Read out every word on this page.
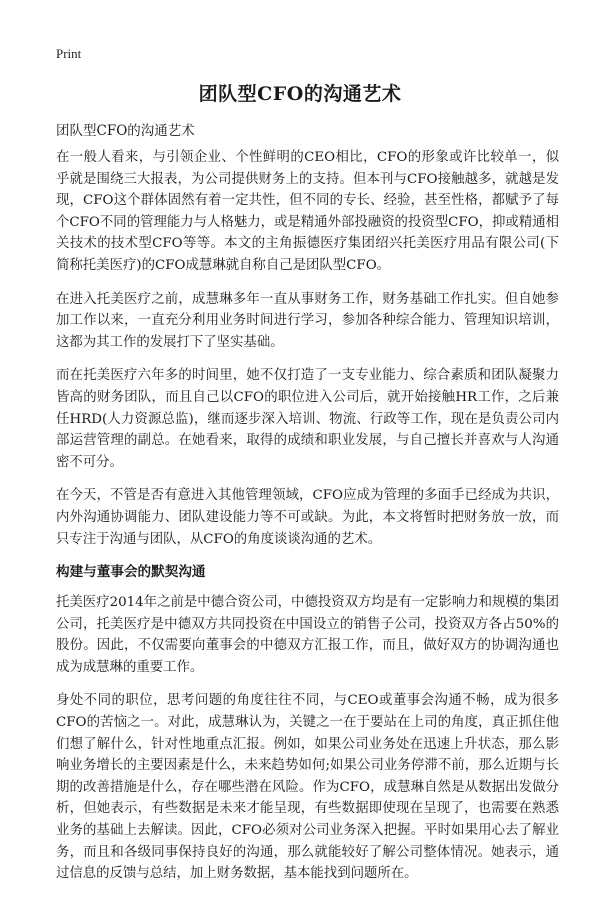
Print
团队型CFO的沟通艺术
团队型CFO的沟通艺术

在一般人看来，与引领企业、个性鲜明的CEO相比，CFO的形象或许比较单一，似乎就是围绕三大报表，为公司提供财务上的支持。但本刊与CFO接触越多，就越是发现，CFO这个群体固然有着一定共性，但不同的专长、经验，甚至性格，都赋予了每个CFO不同的管理能力与人格魅力，或是精通外部投融资的投资型CFO，抑或精通相关技术的技术型CFO等等。本文的主角振德医疗集团绍兴托美医疗用品有限公司(下简称托美医疗)的CFO成慧琳就自称自己是团队型CFO。

在进入托美医疗之前，成慧琳多年一直从事财务工作，财务基础工作扎实。但自她参加工作以来，一直充分利用业务时间进行学习，参加各种综合能力、管理知识培训，这都为其工作的发展打下了坚实基础。

而在托美医疗六年多的时间里，她不仅打造了一支专业能力、综合素质和团队凝聚力皆高的财务团队，而且自己以CFO的职位进入公司后，就开始接触HR工作，之后兼任HRD(人力资源总监)，继而逐步深入培训、物流、行政等工作，现在是负责公司内部运营管理的副总。在她看来，取得的成绩和职业发展，与自己擅长并喜欢与人沟通密不可分。

在今天，不管是否有意进入其他管理领域，CFO应成为管理的多面手已经成为共识，内外沟通协调能力、团队建设能力等不可或缺。为此，本文将暂时把财务放一放，而只专注于沟通与团队，从CFO的角度谈谈沟通的艺术。

构建与董事会的默契沟通

托美医疗2014年之前是中德合资公司，中德投资双方均是有一定影响力和规模的集团公司，托美医疗是中德双方共同投资在中国设立的销售子公司，投资双方各占50%的股份。因此，不仅需要向董事会的中德双方汇报工作，而且，做好双方的协调沟通也成为成慧琳的重要工作。

身处不同的职位，思考问题的角度往往不同，与CEO或董事会沟通不畅，成为很多CFO的苦恼之一。对此，成慧琳认为，关键之一在于要站在上司的角度，真正抓住他们想了解什么，针对性地重点汇报。例如，如果公司业务处在迅速上升状态，那么影响业务增长的主要因素是什么，未来趋势如何;如果公司业务停滞不前，那么近期与长期的改善措施是什么，存在哪些潜在风险。作为CFO，成慧琳自然是从数据出发做分析，但她表示，有些数据是未来才能呈现，有些数据即使现在呈现了，也需要在熟悉业务的基础上去解读。因此，CFO必须对公司业务深入把握。平时如果用心去了解业务，而且和各级同事保持良好的沟通，那么就能较好了解公司整体情况。她表示，通过信息的反馈与总结，加上财务数据，基本能找到问题所在。
